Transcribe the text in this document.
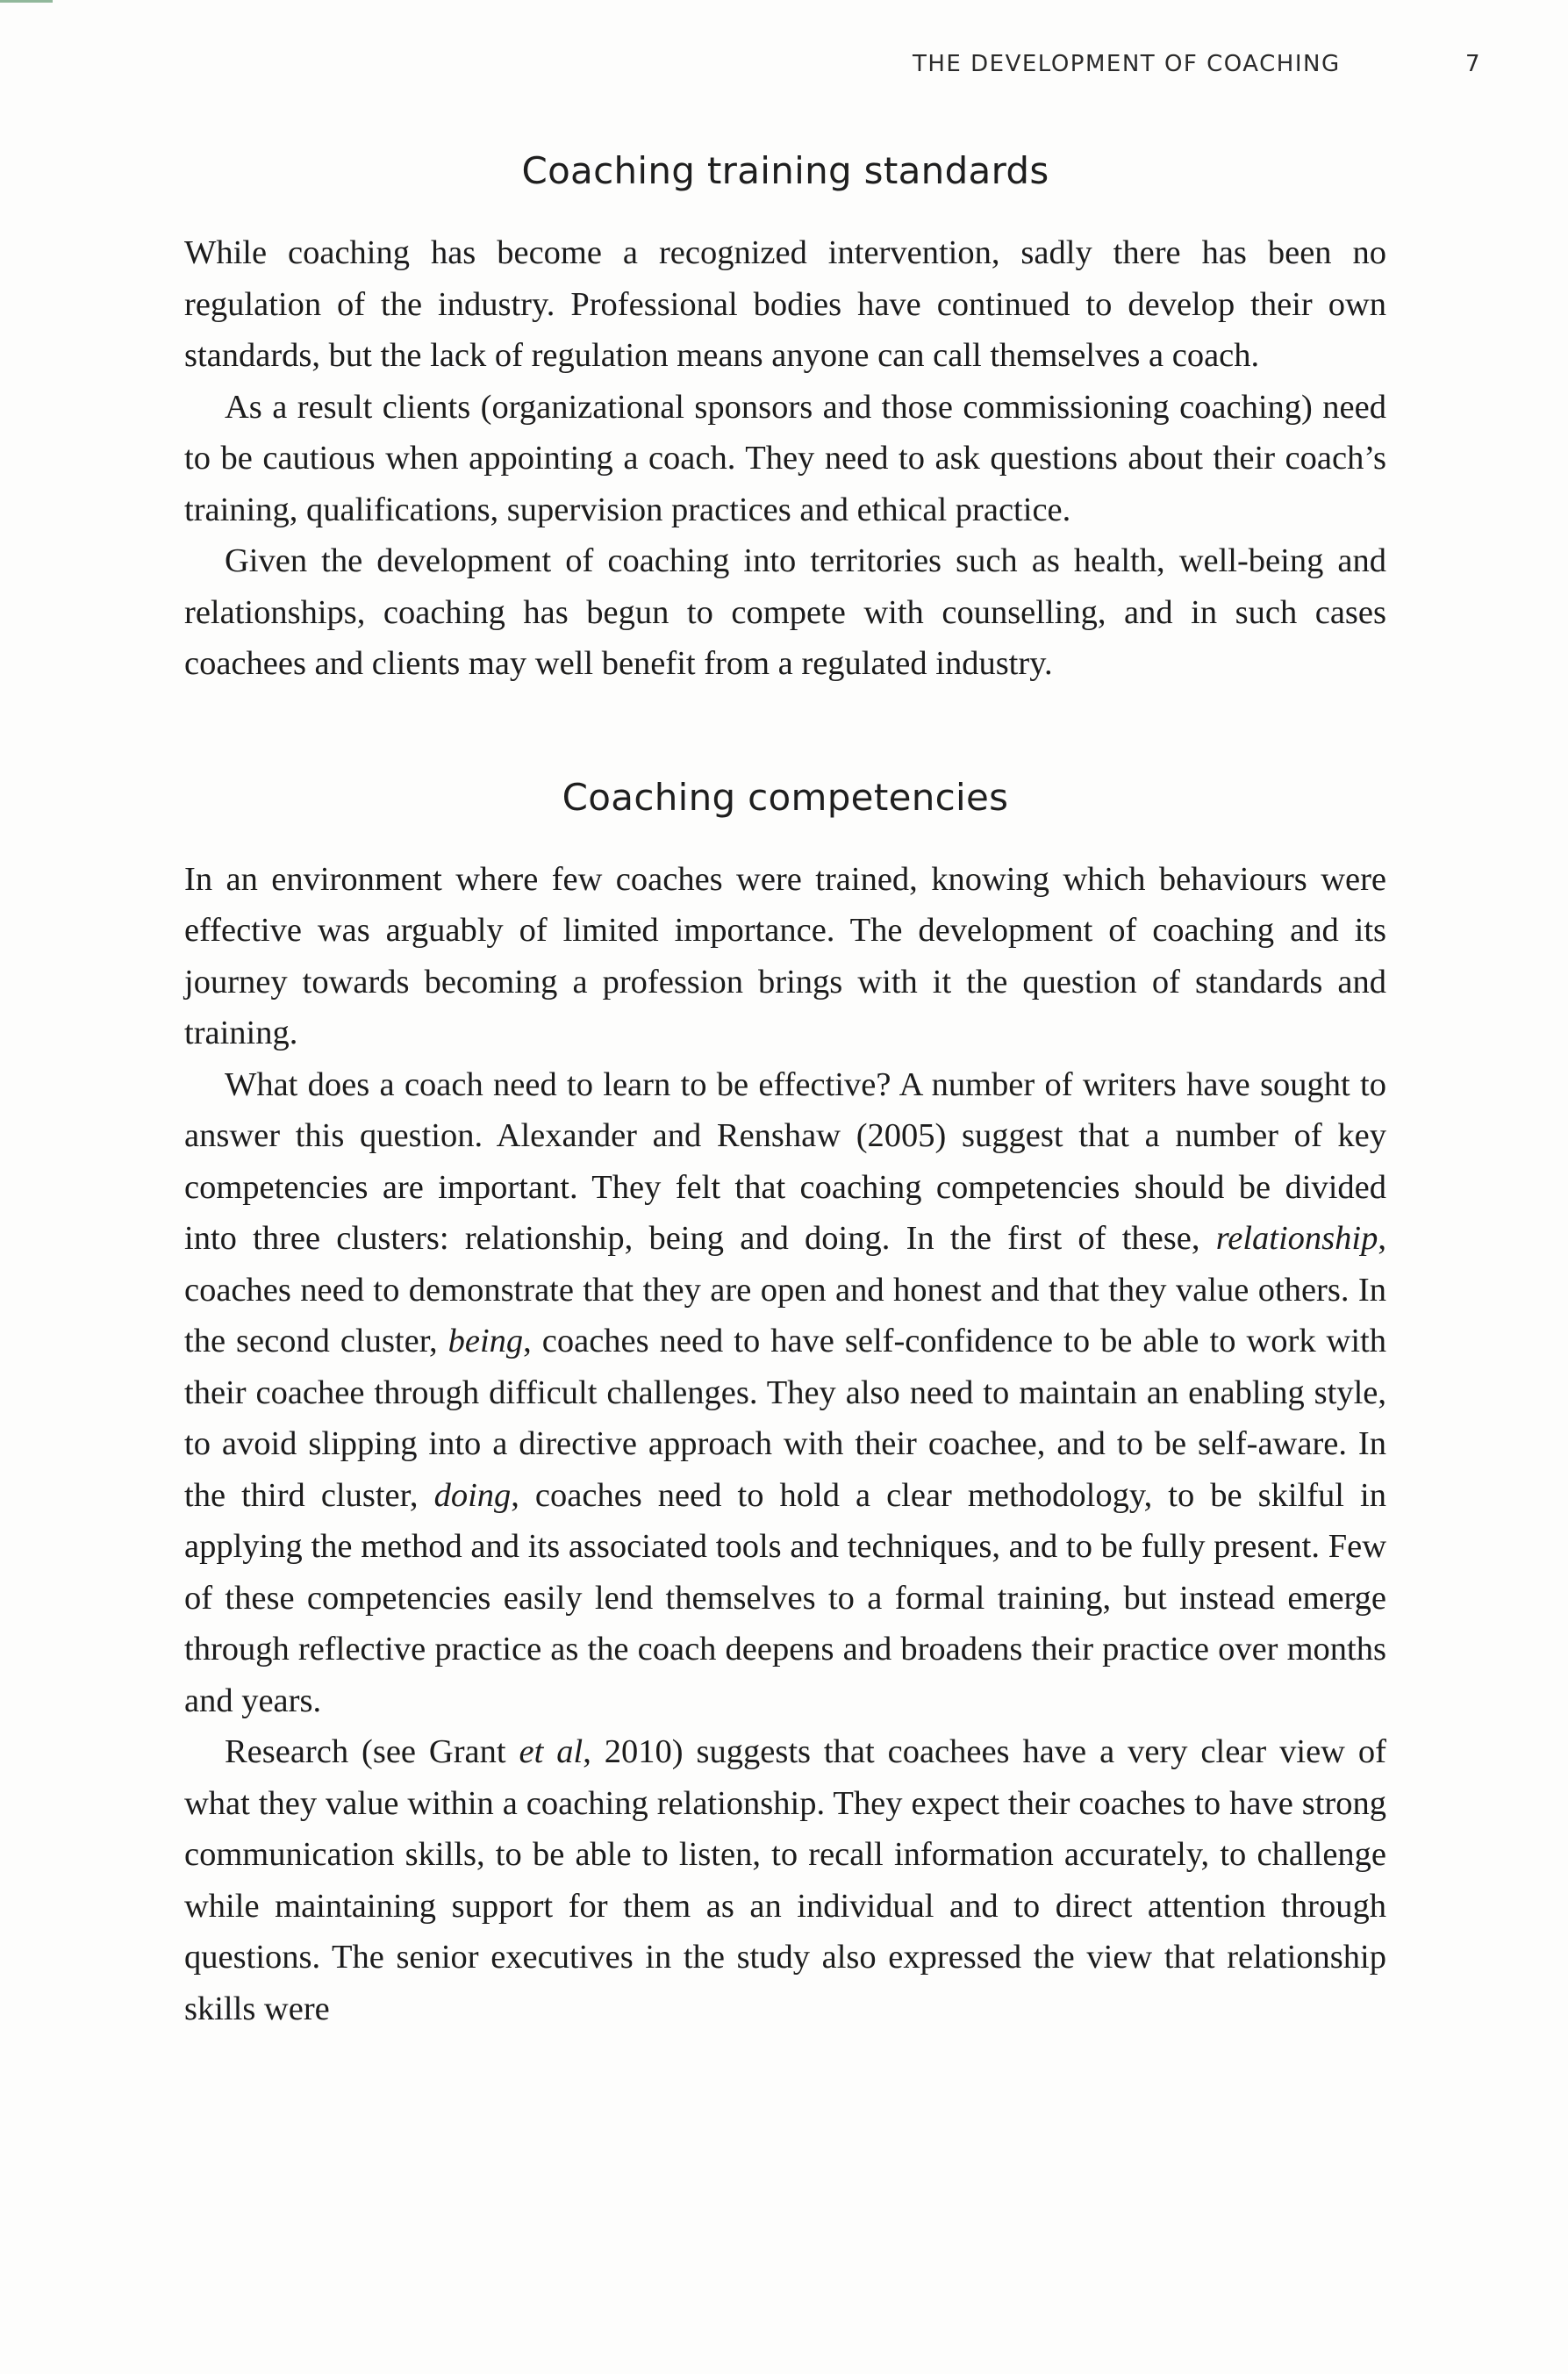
THE DEVELOPMENT OF COACHING	7
Coaching training standards

While coaching has become a recognized intervention, sadly there has been no regulation of the industry. Professional bodies have continued to develop their own standards, but the lack of regulation means anyone can call themselves a coach.

As a result clients (organizational sponsors and those commissioning coaching) need to be cautious when appointing a coach. They need to ask questions about their coach’s training, qualifications, supervision practices and ethical practice.

Given the development of coaching into territories such as health, well-being and relationships, coaching has begun to compete with counselling, and in such cases coachees and clients may well benefit from a regulated industry.

Coaching competencies

In an environment where few coaches were trained, knowing which behaviours were effective was arguably of limited importance. The development of coaching and its journey towards becoming a profession brings with it the question of standards and training.

What does a coach need to learn to be effective? A number of writers have sought to answer this question. Alexander and Renshaw (2005) suggest that a number of key competencies are important. They felt that coaching competencies should be divided into three clusters: relationship, being and doing. In the first of these, relationship, coaches need to demonstrate that they are open and honest and that they value others. In the second cluster, being, coaches need to have self-confidence to be able to work with their coachee through difficult challenges. They also need to maintain an enabling style, to avoid slipping into a directive approach with their coachee, and to be self-aware. In the third cluster, doing, coaches need to hold a clear methodology, to be skilful in applying the method and its associated tools and techniques, and to be fully present. Few of these competencies easily lend themselves to a formal training, but instead emerge through reflective practice as the coach deepens and broadens their practice over months and years.

Research (see Grant et al, 2010) suggests that coachees have a very clear view of what they value within a coaching relationship. They expect their coaches to have strong communication skills, to be able to listen, to recall information accurately, to challenge while maintaining support for them as an individual and to direct attention through questions. The senior executives in the study also expressed the view that relationship skills were
